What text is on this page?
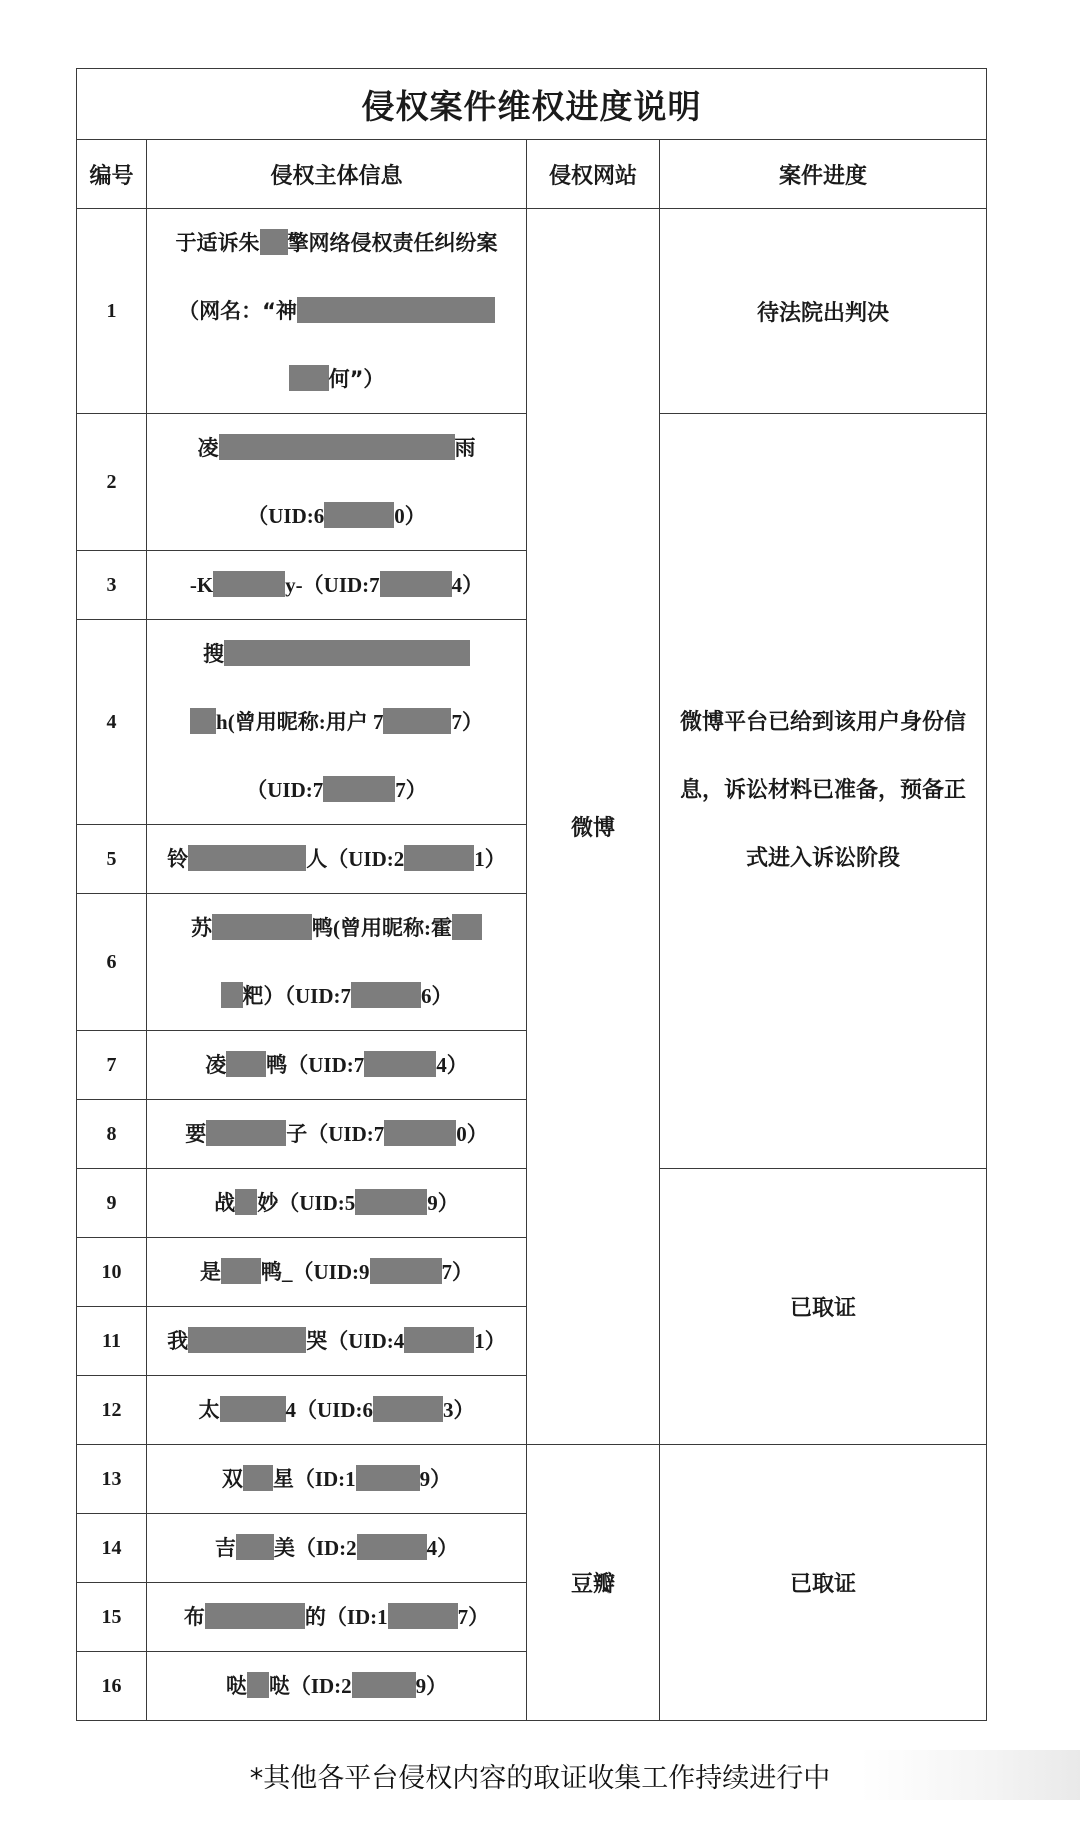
侵权案件维权进度说明			
编号	侵权主体信息	侵权网站	案件进度
1	于适诉朱 擎网络侵权责任纠纷案
（网名：“神
何”）	微博	待法院出判决
2	凌 雨
（UID:6 0）		微博平台已给到该用户身份信
息，诉讼材料已准备，预备正
式进入诉讼阶段

3	-K y-（UID:7 4）		

4	搜
h(曾用昵称:用户 7 7）
（UID:7 7）		

5	铃 人（UID:2 1）		

6	苏 鸭(曾用昵称:霍
粑）（UID:7 6）		

7	凌 鸭（UID:7 4）		

8	要 子（UID:7 0）		

9	战 妙（UID:5 9）		已取证
10	是 鸭_（UID:9 7）		

11	我 哭（UID:4 1）		

12	太 4（UID:6 3）		

13	双 星（ID:1 9）	豆瓣	已取证
14	吉 美（ID:2 4）		

15	布 的（ID:1 7）		

16	哒 哒（ID:2 9）		
*其他各平台侵权内容的取证收集工作持续进行中
